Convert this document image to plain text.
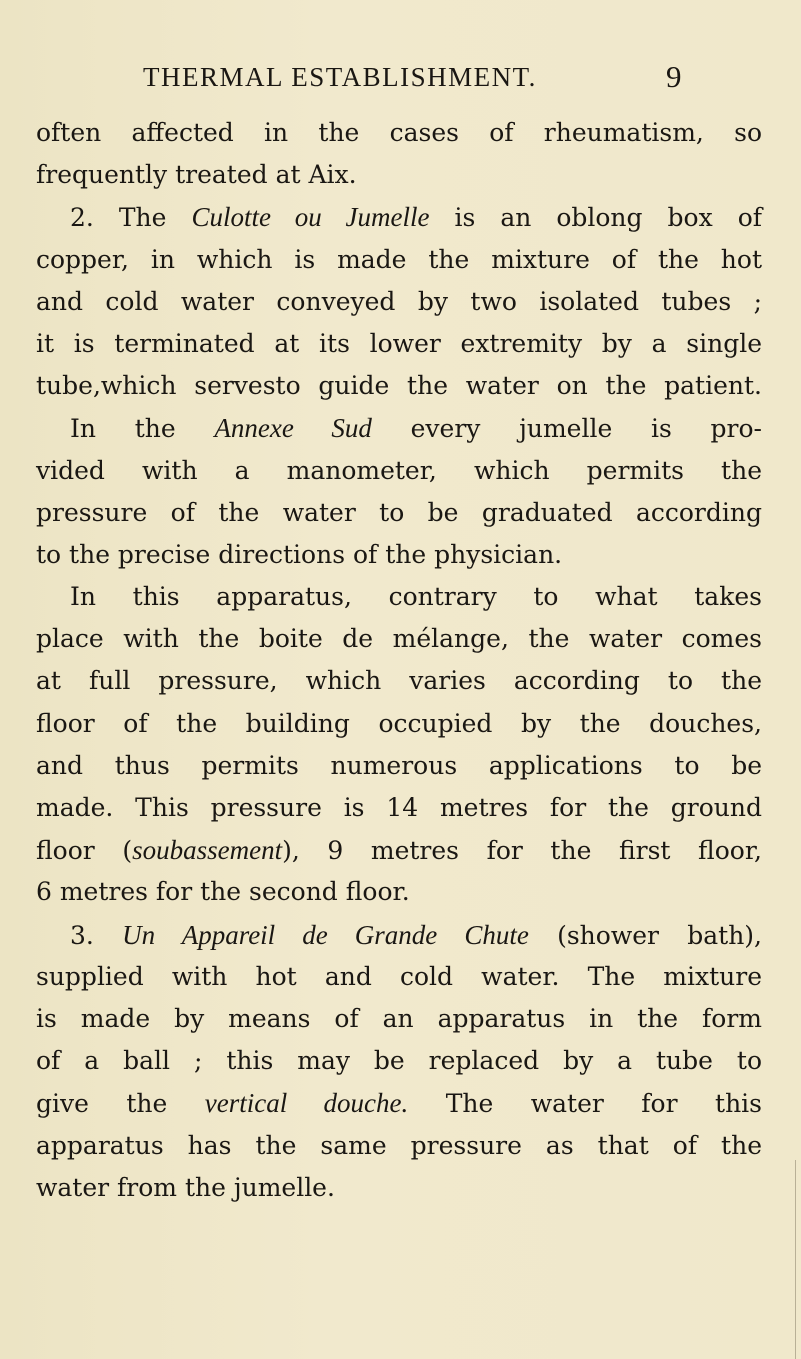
THERMAL ESTABLISHMENT.	9
often affected in the cases of rheumatism, so
frequently treated at Aix.
2. The Culotte ou Jumelle is an oblong box of
copper, in which is made the mixture of the hot
and cold water conveyed by two isolated tubes ;
it is terminated at its lower extremity by a single
tube,which servesto guide the water on the patient.
In the Annexe Sud every jumelle is pro-
vided with a manometer, which permits the
pressure of the water to be graduated according
to the precise directions of the physician.
In this apparatus, contrary to what takes
place with the boite de mélange, the water comes
at full pressure, which varies according to the
floor of the building occupied by the douches,
and thus permits numerous applications to be
made. This pressure is 14 metres for the ground
floor (soubassement), 9 metres for the first floor,
6 metres for the second floor.
3. Un Appareil de Grande Chute (shower bath),
supplied with hot and cold water. The mixture
is made by means of an apparatus in the form
of a ball ; this may be replaced by a tube to
give the vertical douche. The water for this
apparatus has the same pressure as that of the
water from the jumelle.
